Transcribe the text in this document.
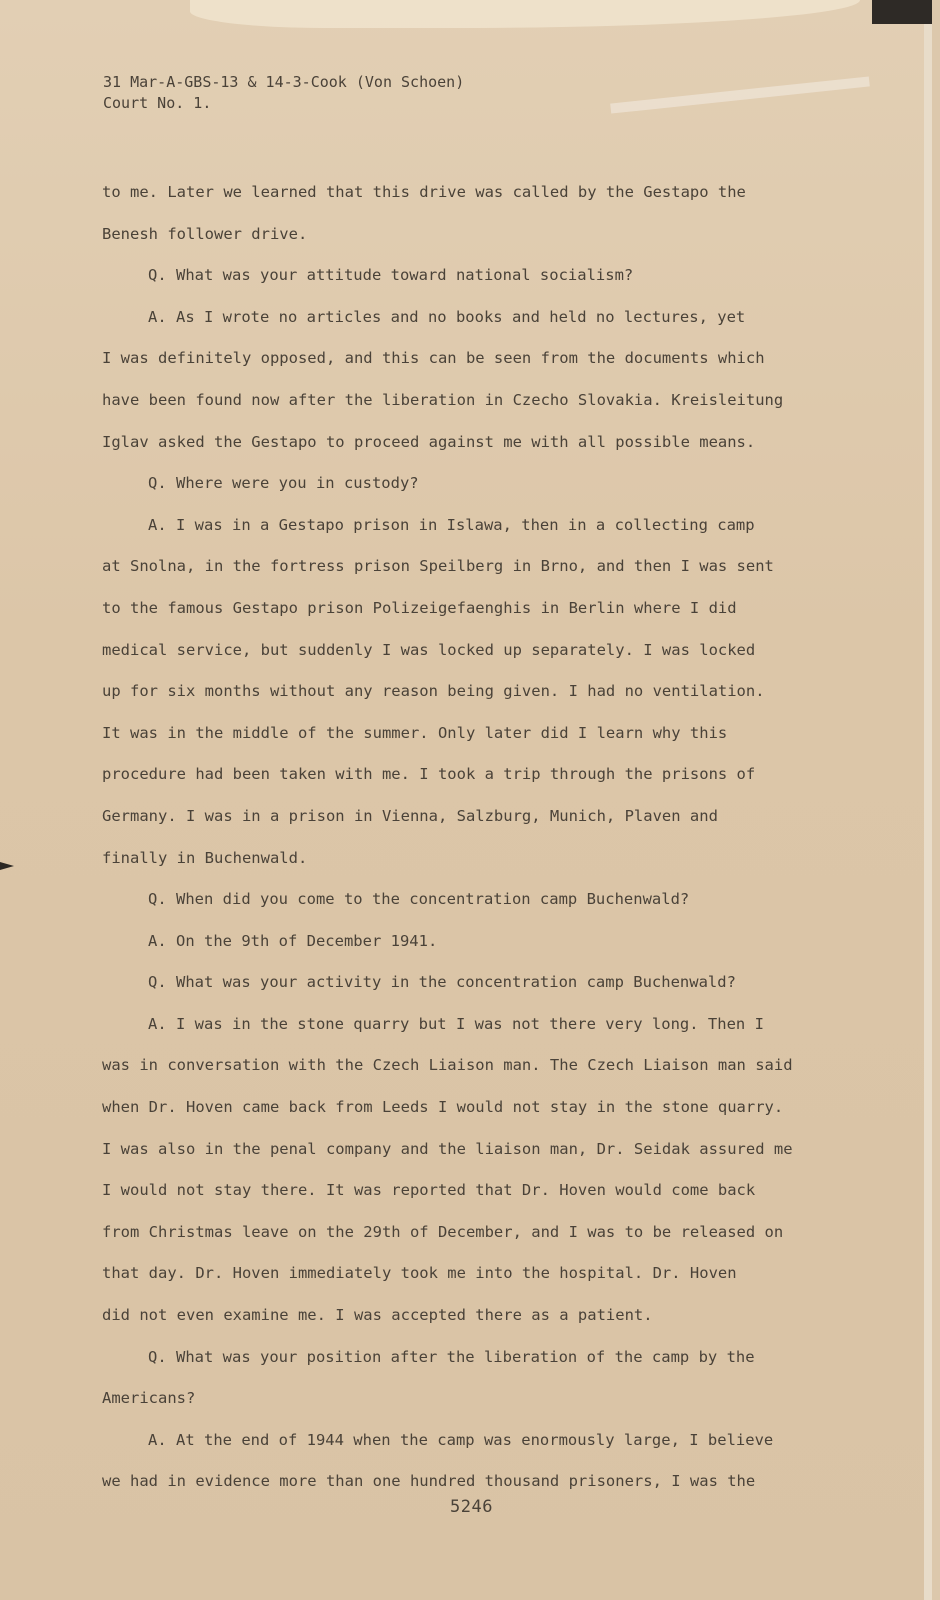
31 Mar-A-GBS-13 & 14-3-Cook (Von Schoen)
Court No. 1.
to me. Later we learned that this drive was called by the Gestapo the
Benesh follower drive.
Q. What was your attitude toward national socialism?
A. As I wrote no articles and no books and held no lectures, yet
I was definitely opposed, and this can be seen from the documents which
have been found now after the liberation in Czecho Slovakia. Kreisleitung
Iglav asked the Gestapo to proceed against me with all possible means.
Q. Where were you in custody?
A. I was in a Gestapo prison in Islawa, then in a collecting camp
at Snolna, in the fortress prison Speilberg in Brno, and then I was sent
to the famous Gestapo prison Polizeigefaenghis in Berlin where I did
medical service, but suddenly I was locked up separately. I was locked
up for six months without any reason being given. I had no ventilation.
It was in the middle of the summer. Only later did I learn why this
procedure had been taken with me. I took a trip through the prisons of
Germany. I was in a prison in Vienna, Salzburg, Munich, Plaven and
finally in Buchenwald.
Q. When did you come to the concentration camp Buchenwald?
A. On the 9th of December 1941.
Q. What was your activity in the concentration camp Buchenwald?
A. I was in the stone quarry but I was not there very long. Then I
was in conversation with the Czech Liaison man. The Czech Liaison man said
when Dr. Hoven came back from Leeds I would not stay in the stone quarry.
I was also in the penal company and the liaison man, Dr. Seidak assured me
I would not stay there. It was reported that Dr. Hoven would come back
from Christmas leave on the 29th of December, and I was to be released on
that day. Dr. Hoven immediately took me into the hospital. Dr. Hoven
did not even examine me. I was accepted there as a patient.
Q. What was your position after the liberation of the camp by the
Americans?
A. At the end of 1944 when the camp was enormously large, I believe
we had in evidence more than one hundred thousand prisoners, I was the
5246
